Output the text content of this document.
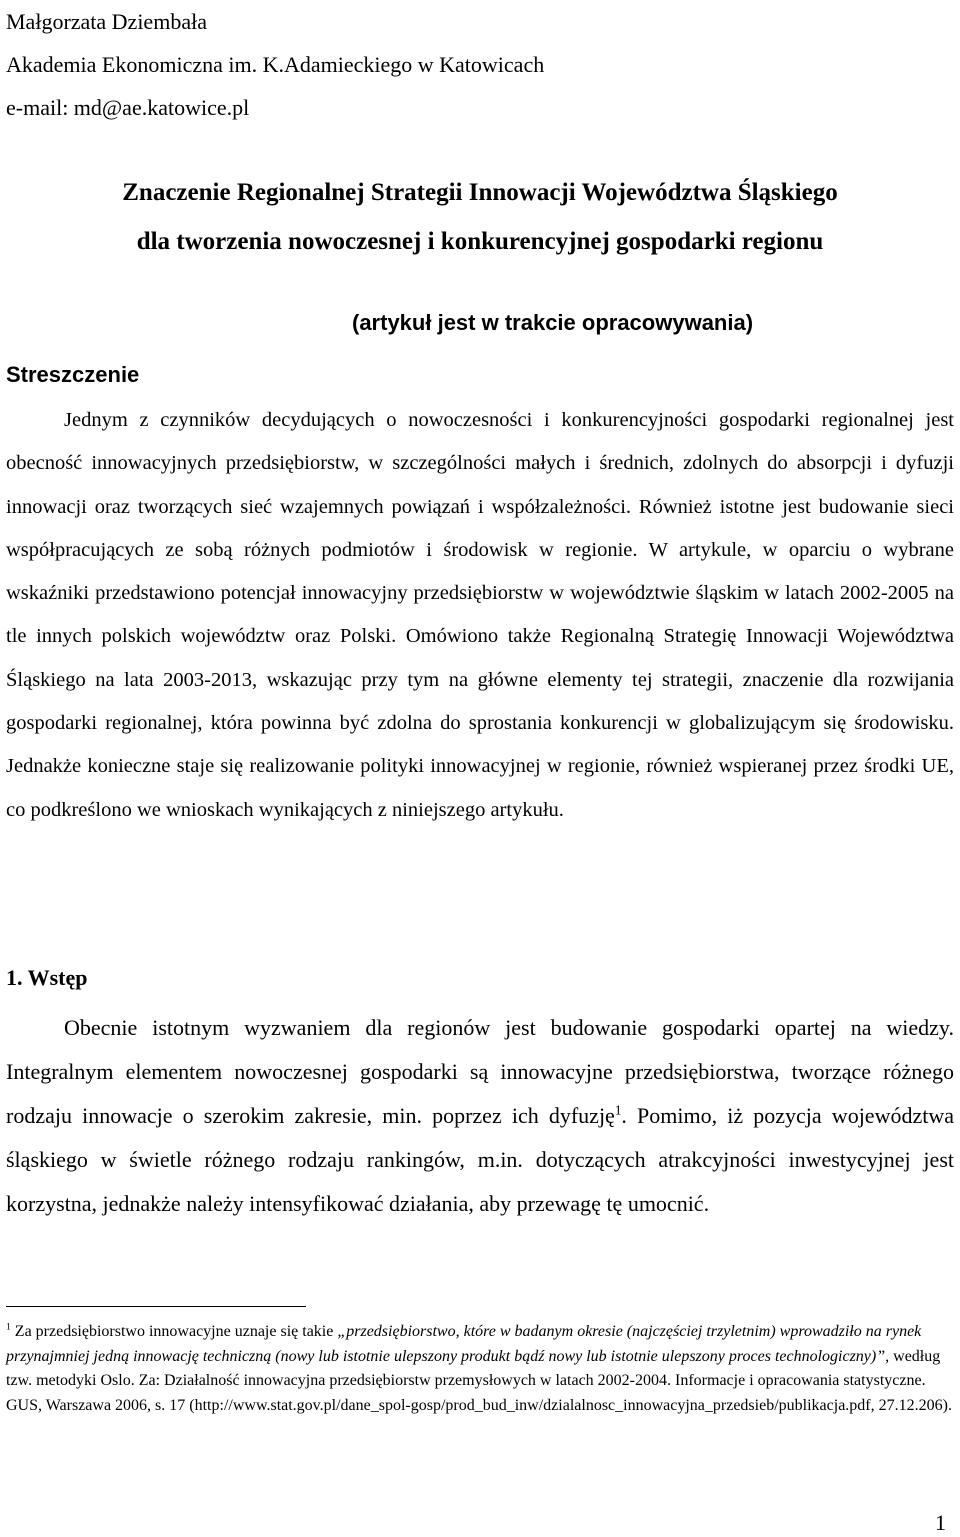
Małgorzata Dziembała
Akademia Ekonomiczna im. K.Adamieckiego w Katowicach
e-mail: md@ae.katowice.pl
Znaczenie Regionalnej Strategii Innowacji Województwa Śląskiego
dla tworzenia nowoczesnej i konkurencyjnej gospodarki regionu
(artykuł jest w trakcie opracowywania)
Streszczenie
Jednym z czynników decydujących o nowoczesności i konkurencyjności gospodarki regionalnej jest obecność innowacyjnych przedsiębiorstw, w szczególności małych i średnich, zdolnych do absorpcji i dyfuzji innowacji oraz tworzących sieć wzajemnych powiązań i współzależności. Również istotne jest budowanie sieci współpracujących ze sobą różnych podmiotów i środowisk w regionie. W artykule, w oparciu o wybrane wskaźniki przedstawiono potencjał innowacyjny przedsiębiorstw w województwie śląskim w latach 2002-2005 na tle innych polskich województw oraz Polski. Omówiono także Regionalną Strategię Innowacji Województwa Śląskiego na lata 2003-2013, wskazując przy tym na główne elementy tej strategii, znaczenie dla rozwijania gospodarki regionalnej, która powinna być zdolna do sprostania konkurencji w globalizującym się środowisku. Jednakże konieczne staje się realizowanie polityki innowacyjnej w regionie, również wspieranej przez środki UE, co podkreślono we wnioskach wynikających z niniejszego artykułu.
1. Wstęp
Obecnie istotnym wyzwaniem dla regionów jest budowanie gospodarki opartej na wiedzy. Integralnym elementem nowoczesnej gospodarki są innowacyjne przedsiębiorstwa, tworzące różnego rodzaju innowacje o szerokim zakresie, min. poprzez ich dyfuzję$^1$. Pomimo, iż pozycja województwa śląskiego w świetle różnego rodzaju rankingów, m.in. dotyczących atrakcyjności inwestycyjnej jest korzystna, jednakże należy intensyfikować działania, aby przewagę tę umocnić.
$^1$ Za przedsiębiorstwo innowacyjne uznaje się takie „przedsiębiorstwo, które w badanym okresie (najczęściej trzyletnim) wprowadziło na rynek przynajmniej jedną innowację techniczną (nowy lub istotnie ulepszony produkt bądź nowy lub istotnie ulepszony proces technologiczny)”, według tzw. metodyki Oslo. Za: Działalność innowacyjna przedsiębiorstw przemysłowych w latach 2002-2004. Informacje i opracowania statystyczne. GUS, Warszawa 2006, s. 17 (http://www.stat.gov.pl/dane_spol-gosp/prod_bud_inw/dzialalnosc_innowacyjna_przedsieb/publikacja.pdf, 27.12.206).
1
